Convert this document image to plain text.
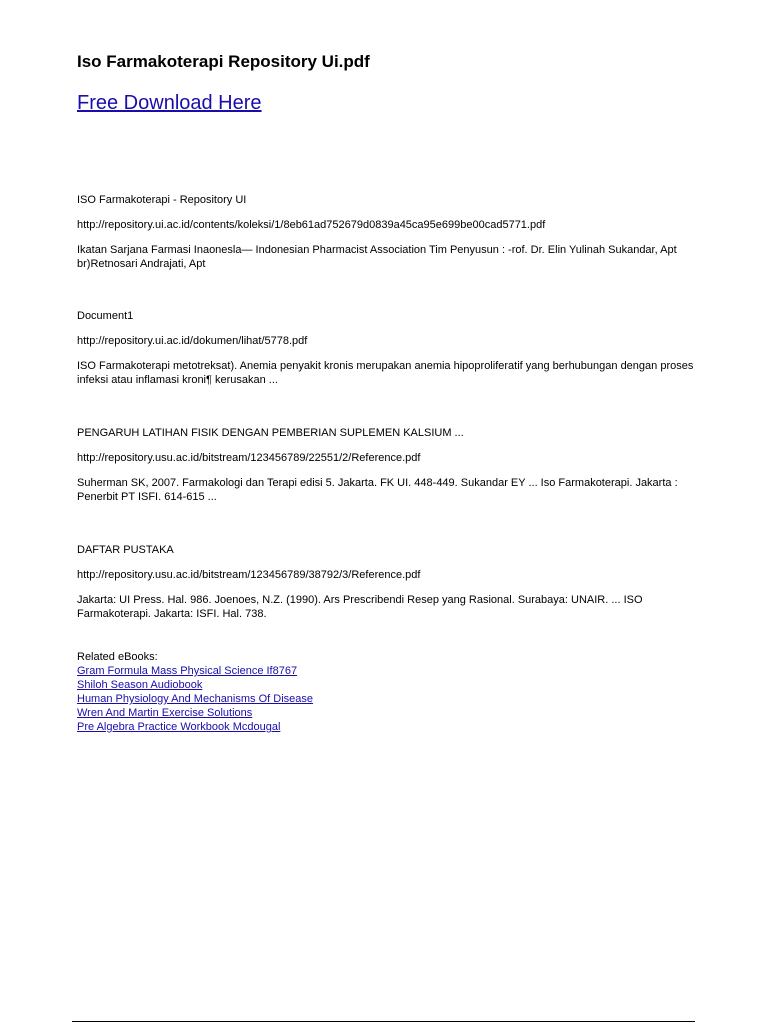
Iso Farmakoterapi Repository Ui.pdf
Free Download Here
ISO Farmakoterapi - Repository UI
http://repository.ui.ac.id/contents/koleksi/1/8eb61ad752679d0839a45ca95e699be00cad5771.pdf
Ikatan Sarjana Farmasi Inaonesla— Indonesian Pharmacist Association Tim Penyusun : -rof. Dr. Elin Yulinah Sukandar, Apt br)Retnosari Andrajati, Apt
Document1
http://repository.ui.ac.id/dokumen/lihat/5778.pdf
ISO Farmakoterapi metotreksat). Anemia penyakit kronis merupakan anemia hipoproliferatif yang berhubungan dengan proses infeksi atau inflamasi kroni¶ kerusakan ...
PENGARUH LATIHAN FISIK DENGAN PEMBERIAN SUPLEMEN KALSIUM ...
http://repository.usu.ac.id/bitstream/123456789/22551/2/Reference.pdf
Suherman SK, 2007. Farmakologi dan Terapi edisi 5. Jakarta. FK UI. 448-449. Sukandar EY ... Iso Farmakoterapi. Jakarta : Penerbit PT ISFI. 614-615 ...
DAFTAR PUSTAKA
http://repository.usu.ac.id/bitstream/123456789/38792/3/Reference.pdf
Jakarta: UI Press. Hal. 986. Joenoes, N.Z. (1990). Ars Prescribendi Resep yang Rasional. Surabaya: UNAIR. ... ISO Farmakoterapi. Jakarta: ISFI. Hal. 738.
Related eBooks:
Gram Formula Mass Physical Science If8767
Shiloh Season Audiobook
Human Physiology And Mechanisms Of Disease
Wren And Martin Exercise Solutions
Pre Algebra Practice Workbook Mcdougal
